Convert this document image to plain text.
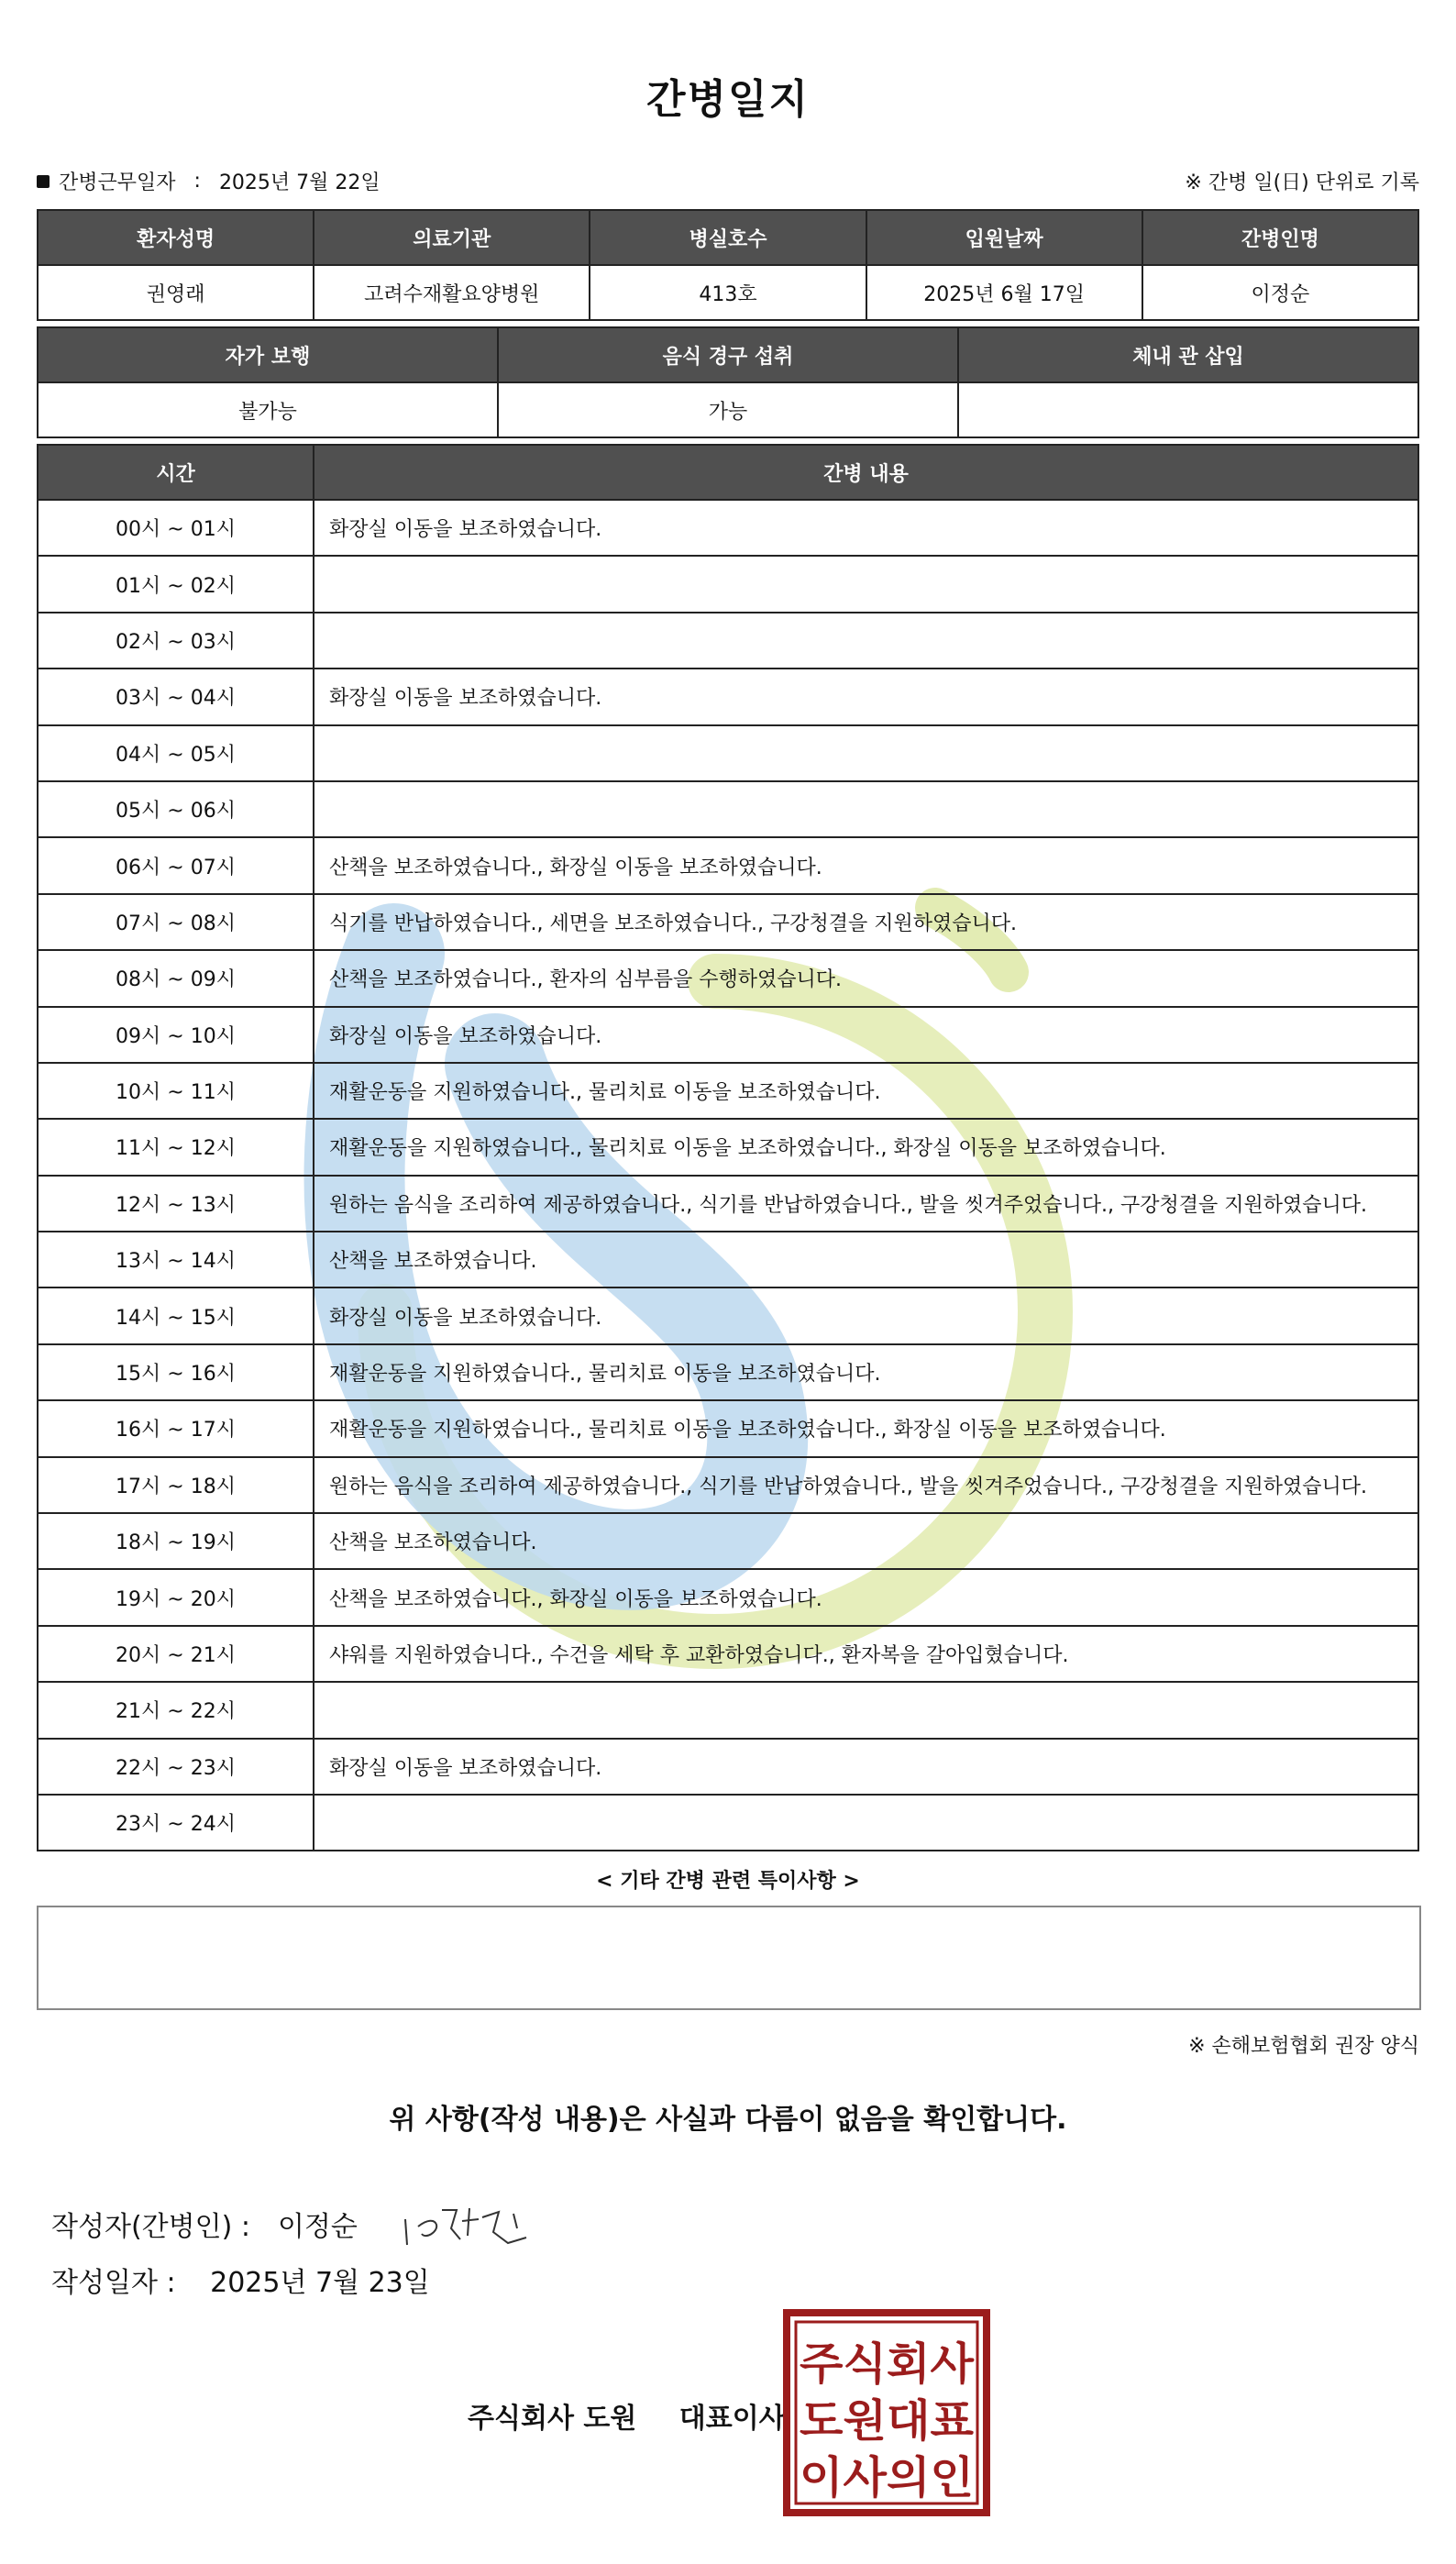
간병일지
간병근무일자 : 2025년 7월 22일	※ 간병 일(日) 단위로 기록
환자성명	의료기관	병실호수	입원날짜	간병인명
권영래	고려수재활요양병원	413호	2025년 6월 17일	이정순
자가 보행	음식 경구 섭취	체내 관 삽입
불가능	가능	
시간	간병 내용
00시 ~ 01시	화장실 이동을 보조하였습니다.
01시 ~ 02시	
02시 ~ 03시	
03시 ~ 04시	화장실 이동을 보조하였습니다.
04시 ~ 05시	
05시 ~ 06시	
06시 ~ 07시	산책을 보조하였습니다., 화장실 이동을 보조하였습니다.
07시 ~ 08시	식기를 반납하였습니다., 세면을 보조하였습니다., 구강청결을 지원하였습니다.
08시 ~ 09시	산책을 보조하였습니다., 환자의 심부름을 수행하였습니다.
09시 ~ 10시	화장실 이동을 보조하였습니다.
10시 ~ 11시	재활운동을 지원하였습니다., 물리치료 이동을 보조하였습니다.
11시 ~ 12시	재활운동을 지원하였습니다., 물리치료 이동을 보조하였습니다., 화장실 이동을 보조하였습니다.
12시 ~ 13시	원하는 음식을 조리하여 제공하였습니다., 식기를 반납하였습니다., 발을 씻겨주었습니다., 구강청결을 지원하였습니다.
13시 ~ 14시	산책을 보조하였습니다.
14시 ~ 15시	화장실 이동을 보조하였습니다.
15시 ~ 16시	재활운동을 지원하였습니다., 물리치료 이동을 보조하였습니다.
16시 ~ 17시	재활운동을 지원하였습니다., 물리치료 이동을 보조하였습니다., 화장실 이동을 보조하였습니다.
17시 ~ 18시	원하는 음식을 조리하여 제공하였습니다., 식기를 반납하였습니다., 발을 씻겨주었습니다., 구강청결을 지원하였습니다.
18시 ~ 19시	산책을 보조하였습니다.
19시 ~ 20시	산책을 보조하였습니다., 화장실 이동을 보조하였습니다.
20시 ~ 21시	샤워를 지원하였습니다., 수건을 세탁 후 교환하였습니다., 환자복을 갈아입혔습니다.
21시 ~ 22시	
22시 ~ 23시	화장실 이동을 보조하였습니다.
23시 ~ 24시	
< 기타 간병 관련 특이사항 >
※ 손해보험협회 권장 양식
위 사항(작성 내용)은 사실과 다름이 없음을 확인합니다.
작성자(간병인) : 이정순
작성일자 : 2025년 7월 23일
주식회사 도원 대표이사
주식회사
도원대표
이사의인
